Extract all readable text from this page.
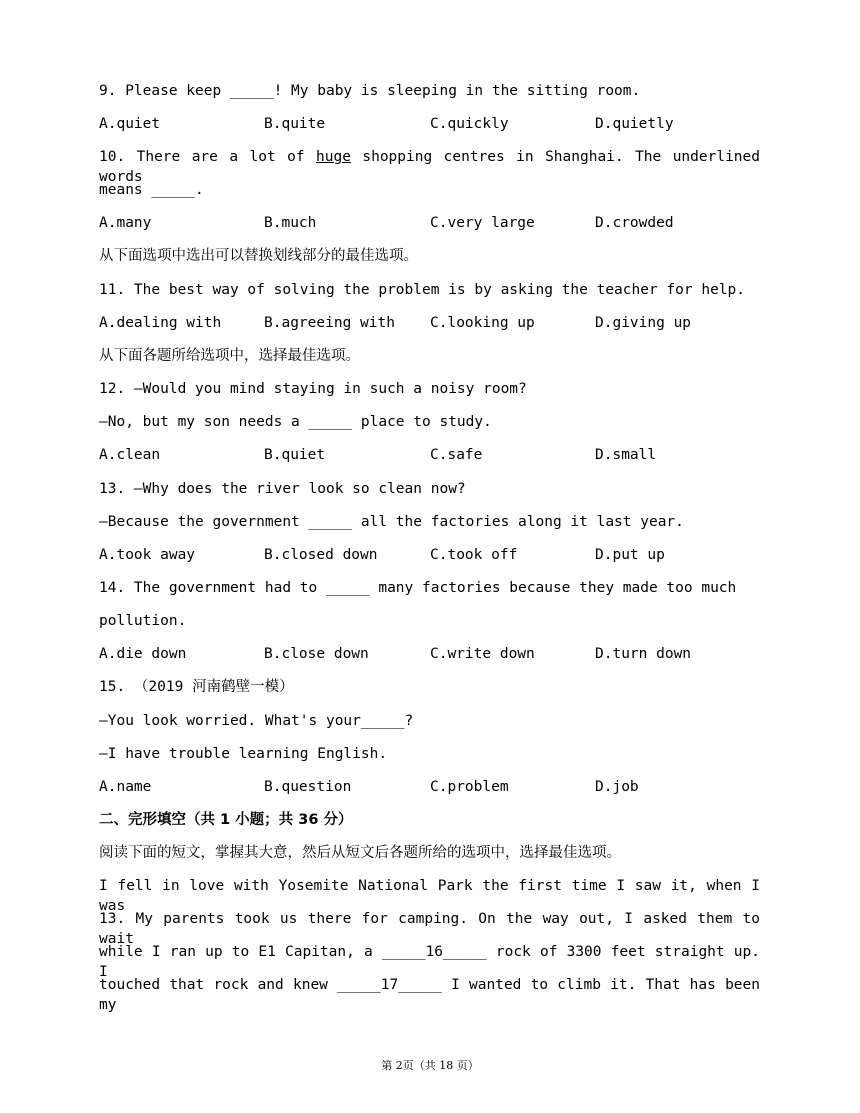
9. Please keep _____! My baby is sleeping in the sitting room.
A.quiet	B.quite	C.quickly	D.quietly
10. There are a lot of huge shopping centres in Shanghai. The underlined words
means _____.
A.many	B.much	C.very large	D.crowded
从下面选项中选出可以替换划线部分的最佳选项。
11. The best way of solving the problem is by asking the teacher for help.
A.dealing with	B.agreeing with C.looking up	D.giving up
从下面各题所给选项中，选择最佳选项。
12. —Would you mind staying in such a noisy room?
—No, but my son needs a _____ place to study.
A.clean	B.quiet	C.safe	D.small
13. —Why does the river look so clean now?
—Because the government _____ all the factories along it last year.
A.took away	B.closed down	C.took off	D.put up
14. The government had to _____ many factories because they made too much
pollution.
A.die down	B.close down	C.write down	D.turn down
15. （2019 河南鹤壁一模）
—You look worried. What's your_____?
—I have trouble learning English.
A.name	B.question	C.problem	D.job
二、完形填空（共 1 小题；共 36 分）
阅读下面的短文，掌握其大意，然后从短文后各题所给的选项中，选择最佳选项。
I fell in love with Yosemite National Park the first time I saw it, when I was
13. My parents took us there for camping. On the way out, I asked them to wait
while I ran up to E1 Capitan, a _____16_____ rock of 3300 feet straight up. I
touched that rock and knew _____17_____ I wanted to climb it. That has been my
第 2页（共 18 页）
